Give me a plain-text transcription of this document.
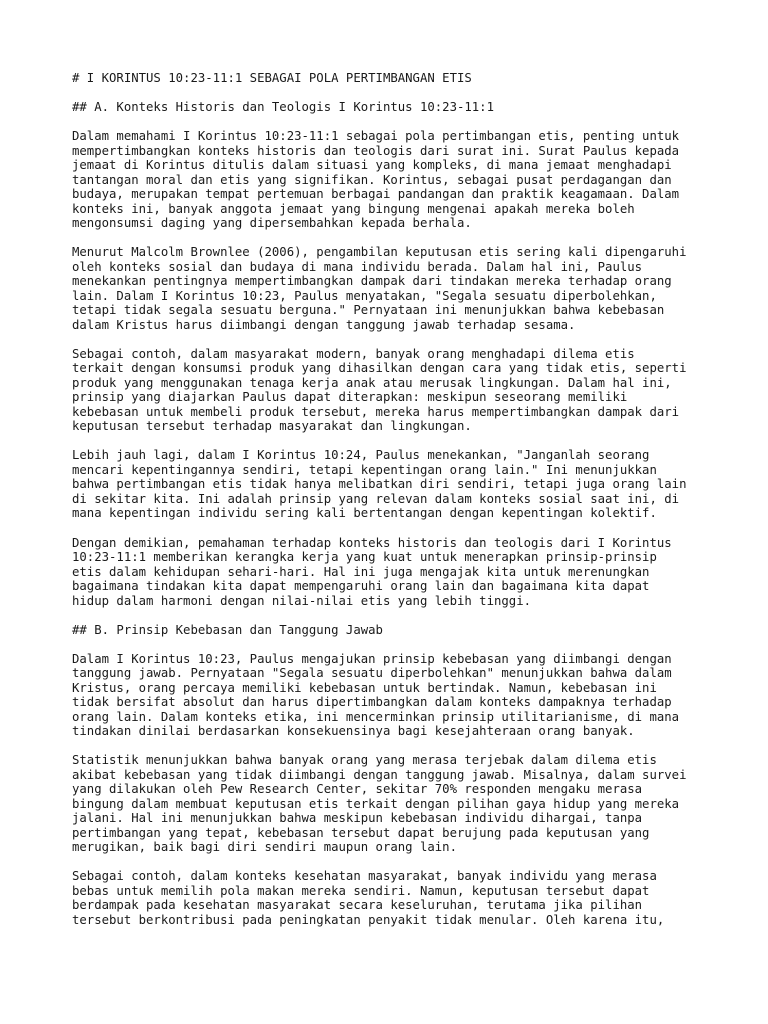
# I KORINTUS 10:23-11:1 SEBAGAI POLA PERTIMBANGAN ETIS
## A. Konteks Historis dan Teologis I Korintus 10:23-11:1
Dalam memahami I Korintus 10:23-11:1 sebagai pola pertimbangan etis, penting untuk
mempertimbangkan konteks historis dan teologis dari surat ini. Surat Paulus kepada
jemaat di Korintus ditulis dalam situasi yang kompleks, di mana jemaat menghadapi
tantangan moral dan etis yang signifikan. Korintus, sebagai pusat perdagangan dan
budaya, merupakan tempat pertemuan berbagai pandangan dan praktik keagamaan. Dalam
konteks ini, banyak anggota jemaat yang bingung mengenai apakah mereka boleh
mengonsumsi daging yang dipersembahkan kepada berhala.
Menurut Malcolm Brownlee (2006), pengambilan keputusan etis sering kali dipengaruhi
oleh konteks sosial dan budaya di mana individu berada. Dalam hal ini, Paulus
menekankan pentingnya mempertimbangkan dampak dari tindakan mereka terhadap orang
lain. Dalam I Korintus 10:23, Paulus menyatakan, "Segala sesuatu diperbolehkan,
tetapi tidak segala sesuatu berguna." Pernyataan ini menunjukkan bahwa kebebasan
dalam Kristus harus diimbangi dengan tanggung jawab terhadap sesama.
Sebagai contoh, dalam masyarakat modern, banyak orang menghadapi dilema etis
terkait dengan konsumsi produk yang dihasilkan dengan cara yang tidak etis, seperti
produk yang menggunakan tenaga kerja anak atau merusak lingkungan. Dalam hal ini,
prinsip yang diajarkan Paulus dapat diterapkan: meskipun seseorang memiliki
kebebasan untuk membeli produk tersebut, mereka harus mempertimbangkan dampak dari
keputusan tersebut terhadap masyarakat dan lingkungan.
Lebih jauh lagi, dalam I Korintus 10:24, Paulus menekankan, "Janganlah seorang
mencari kepentingannya sendiri, tetapi kepentingan orang lain." Ini menunjukkan
bahwa pertimbangan etis tidak hanya melibatkan diri sendiri, tetapi juga orang lain
di sekitar kita. Ini adalah prinsip yang relevan dalam konteks sosial saat ini, di
mana kepentingan individu sering kali bertentangan dengan kepentingan kolektif.
Dengan demikian, pemahaman terhadap konteks historis dan teologis dari I Korintus
10:23-11:1 memberikan kerangka kerja yang kuat untuk menerapkan prinsip-prinsip
etis dalam kehidupan sehari-hari. Hal ini juga mengajak kita untuk merenungkan
bagaimana tindakan kita dapat mempengaruhi orang lain dan bagaimana kita dapat
hidup dalam harmoni dengan nilai-nilai etis yang lebih tinggi.
## B. Prinsip Kebebasan dan Tanggung Jawab
Dalam I Korintus 10:23, Paulus mengajukan prinsip kebebasan yang diimbangi dengan
tanggung jawab. Pernyataan "Segala sesuatu diperbolehkan" menunjukkan bahwa dalam
Kristus, orang percaya memiliki kebebasan untuk bertindak. Namun, kebebasan ini
tidak bersifat absolut dan harus dipertimbangkan dalam konteks dampaknya terhadap
orang lain. Dalam konteks etika, ini mencerminkan prinsip utilitarianisme, di mana
tindakan dinilai berdasarkan konsekuensinya bagi kesejahteraan orang banyak.
Statistik menunjukkan bahwa banyak orang yang merasa terjebak dalam dilema etis
akibat kebebasan yang tidak diimbangi dengan tanggung jawab. Misalnya, dalam survei
yang dilakukan oleh Pew Research Center, sekitar 70% responden mengaku merasa
bingung dalam membuat keputusan etis terkait dengan pilihan gaya hidup yang mereka
jalani. Hal ini menunjukkan bahwa meskipun kebebasan individu dihargai, tanpa
pertimbangan yang tepat, kebebasan tersebut dapat berujung pada keputusan yang
merugikan, baik bagi diri sendiri maupun orang lain.
Sebagai contoh, dalam konteks kesehatan masyarakat, banyak individu yang merasa
bebas untuk memilih pola makan mereka sendiri. Namun, keputusan tersebut dapat
berdampak pada kesehatan masyarakat secara keseluruhan, terutama jika pilihan
tersebut berkontribusi pada peningkatan penyakit tidak menular. Oleh karena itu,
